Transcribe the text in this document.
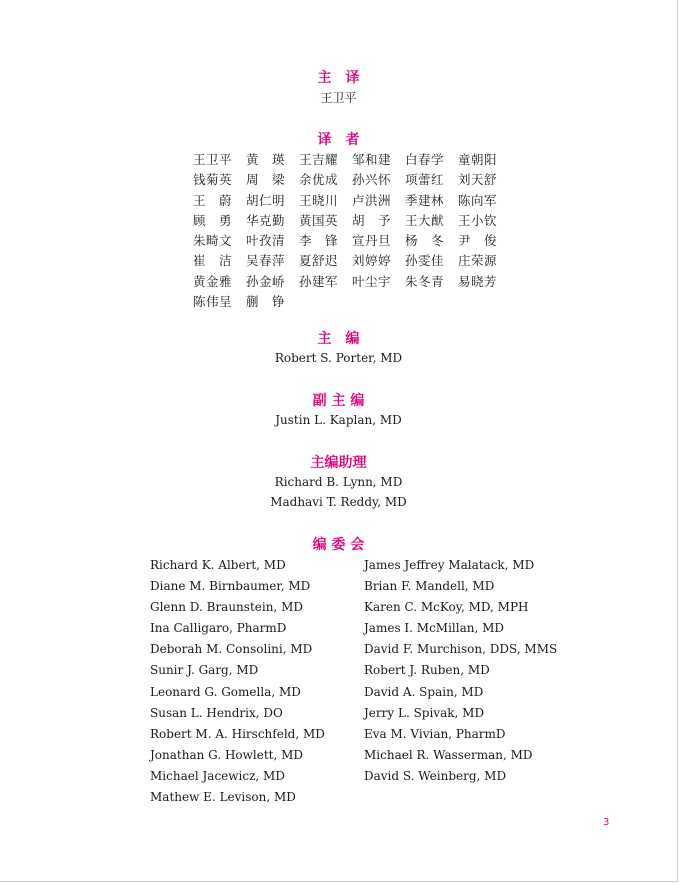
主　译
王卫平
译　者
王卫平	黄　瑛	王吉耀	邹和建	白春学	童朝阳
钱菊英	周　梁	余优成	孙兴怀	项蕾红	刘天舒
王　蔚	胡仁明	王晓川	卢洪洲	季建林	陈向军
顾　勇	华克勤	黄国英	胡　予	王大猷	王小钦
朱畸文	叶孜清	李　锋	宣丹旦	杨　冬	尹　俊
崔　洁	吴春萍	夏舒迟	刘婷婷	孙雯佳	庄荣源
黄金雅	孙金峤	孙建军	叶尘宇	朱冬青	易晓芳
陈伟呈	蒯　铮
主　编
Robert S. Porter, MD
副 主 编
Justin L. Kaplan, MD
主编助理
Richard B. Lynn, MD
Madhavi T. Reddy, MD
编 委 会
Richard K. Albert, MD
Diane M. Birnbaumer, MD
Glenn D. Braunstein, MD
Ina Calligaro, PharmD
Deborah M. Consolini, MD
Sunir J. Garg, MD
Leonard G. Gomella, MD
Susan L. Hendrix, DO
Robert M. A. Hirschfeld, MD
Jonathan G. Howlett, MD
Michael Jacewicz, MD
Mathew E. Levison, MD
James Jeffrey Malatack, MD
Brian F. Mandell, MD
Karen C. McKoy, MD, MPH
James I. McMillan, MD
David F. Murchison, DDS, MMS
Robert J. Ruben, MD
David A. Spain, MD
Jerry L. Spivak, MD
Eva M. Vivian, PharmD
Michael R. Wasserman, MD
David S. Weinberg, MD
3
